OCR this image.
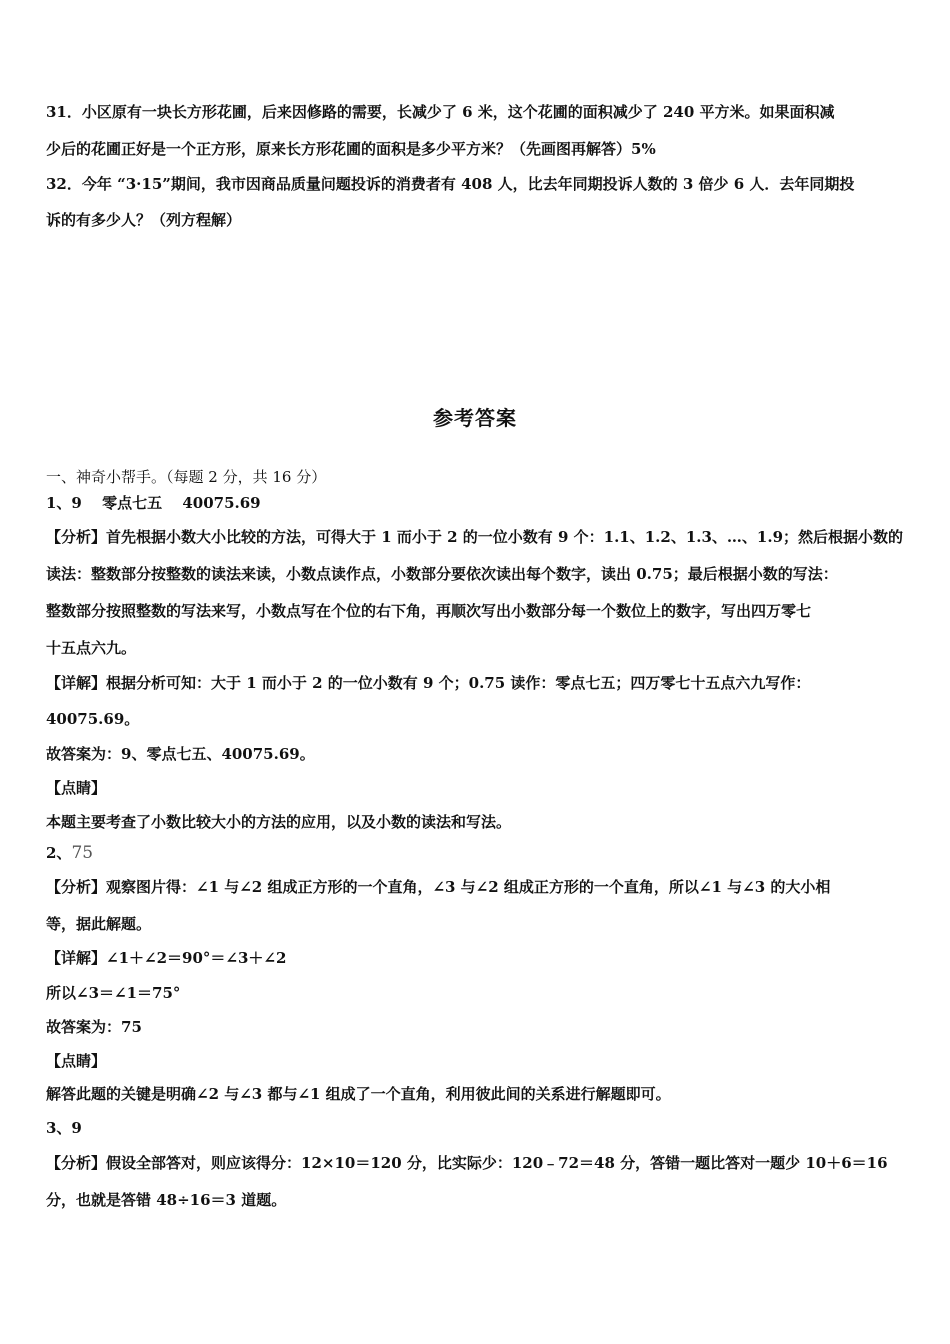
31．小区原有一块长方形花圃，后来因修路的需要，长减少了 6 米，这个花圃的面积减少了 240 平方米。如果面积减
少后的花圃正好是一个正方形，原来长方形花圃的面积是多少平方米？（先画图再解答）5%
32．今年 “3·15”期间，我市因商品质量问题投诉的消费者有 408 人，比去年同期投诉人数的 3 倍少 6 人．去年同期投
诉的有多少人？（列方程解）
参考答案
一、神奇小帮手。（每题 2 分，共 16 分）
1、9　 零点七五　 40075.69
【分析】首先根据小数大小比较的方法，可得大于 1 而小于 2 的一位小数有 9 个：1.1、1.2、1.3、…、1.9；然后根据小数的
读法：整数部分按整数的读法来读，小数点读作点，小数部分要依次读出每个数字，读出 0.75；最后根据小数的写法：
整数部分按照整数的写法来写，小数点写在个位的右下角，再顺次写出小数部分每一个数位上的数字，写出四万零七
十五点六九。
【详解】根据分析可知：大于 1 而小于 2 的一位小数有 9 个；0.75 读作：零点七五；四万零七十五点六九写作：
40075.69。
故答案为：9、零点七五、40075.69。
【点睛】
本题主要考查了小数比较大小的方法的应用，以及小数的读法和写法。
2、75
【分析】观察图片得：∠1 与∠2 组成正方形的一个直角，∠3 与∠2 组成正方形的一个直角，所以∠1 与∠3 的大小相
等，据此解题。
【详解】∠1＋∠2＝90°＝∠3＋∠2
所以∠3＝∠1＝75°
故答案为：75
【点睛】
解答此题的关键是明确∠2 与∠3 都与∠1 组成了一个直角，利用彼此间的关系进行解题即可。
3、9
【分析】假设全部答对，则应该得分：12×10＝120 分，比实际少：120﹣72＝48 分，答错一题比答对一题少 10＋6＝16
分，也就是答错 48÷16＝3 道题。
